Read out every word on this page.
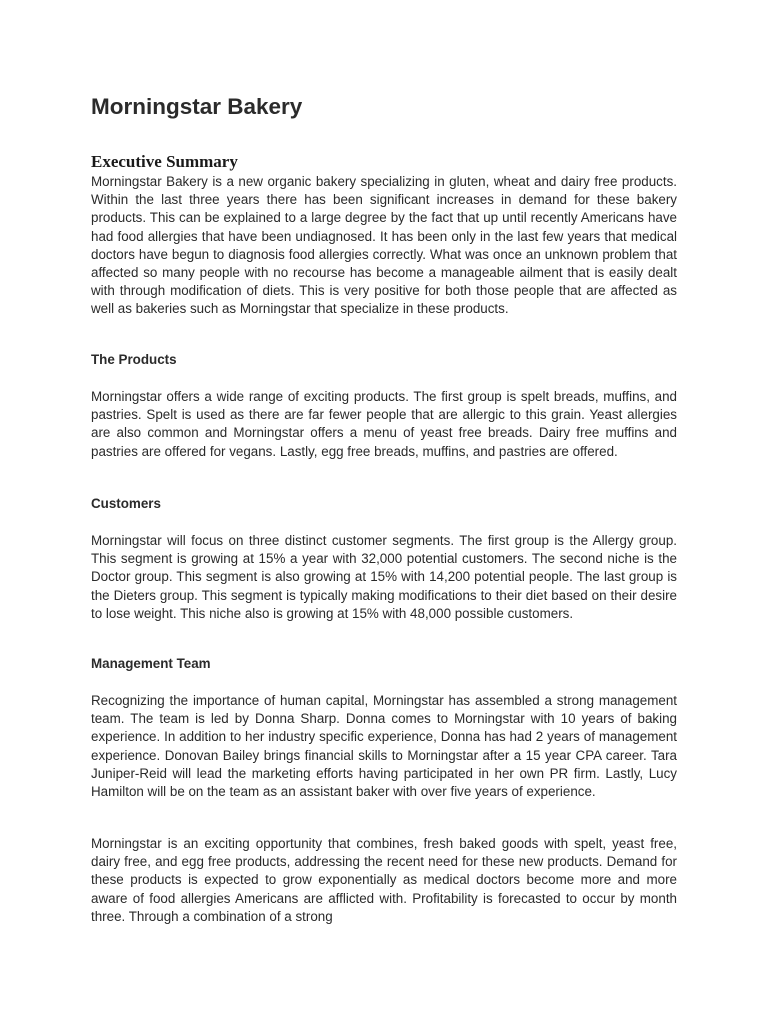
Morningstar Bakery
Executive Summary

Morningstar Bakery is a new organic bakery specializing in gluten, wheat and dairy free products. Within the last three years there has been significant increases in demand for these bakery products. This can be explained to a large degree by the fact that up until recently Americans have had food allergies that have been undiagnosed. It has been only in the last few years that medical doctors have begun to diagnosis food allergies correctly. What was once an unknown problem that affected so many people with no recourse has become a manageable ailment that is easily dealt with through modification of diets. This is very positive for both those people that are affected as well as bakeries such as Morningstar that specialize in these products.

The Products

Morningstar offers a wide range of exciting products. The first group is spelt breads, muffins, and pastries. Spelt is used as there are far fewer people that are allergic to this grain. Yeast allergies are also common and Morningstar offers a menu of yeast free breads. Dairy free muffins and pastries are offered for vegans. Lastly, egg free breads, muffins, and pastries are offered.

Customers

Morningstar will focus on three distinct customer segments. The first group is the Allergy group. This segment is growing at 15% a year with 32,000 potential customers. The second niche is the Doctor group. This segment is also growing at 15% with 14,200 potential people. The last group is the Dieters group. This segment is typically making modifications to their diet based on their desire to lose weight. This niche also is growing at 15% with 48,000 possible customers.

Management Team

Recognizing the importance of human capital, Morningstar has assembled a strong management team. The team is led by Donna Sharp. Donna comes to Morningstar with 10 years of baking experience. In addition to her industry specific experience, Donna has had 2 years of management experience. Donovan Bailey brings financial skills to Morningstar after a 15 year CPA career. Tara Juniper-Reid will lead the marketing efforts having participated in her own PR firm. Lastly, Lucy Hamilton will be on the team as an assistant baker with over five years of experience.

Morningstar is an exciting opportunity that combines, fresh baked goods with spelt, yeast free, dairy free, and egg free products, addressing the recent need for these new products. Demand for these products is expected to grow exponentially as medical doctors become more and more aware of food allergies Americans are afflicted with. Profitability is forecasted to occur by month three. Through a combination of a strong
